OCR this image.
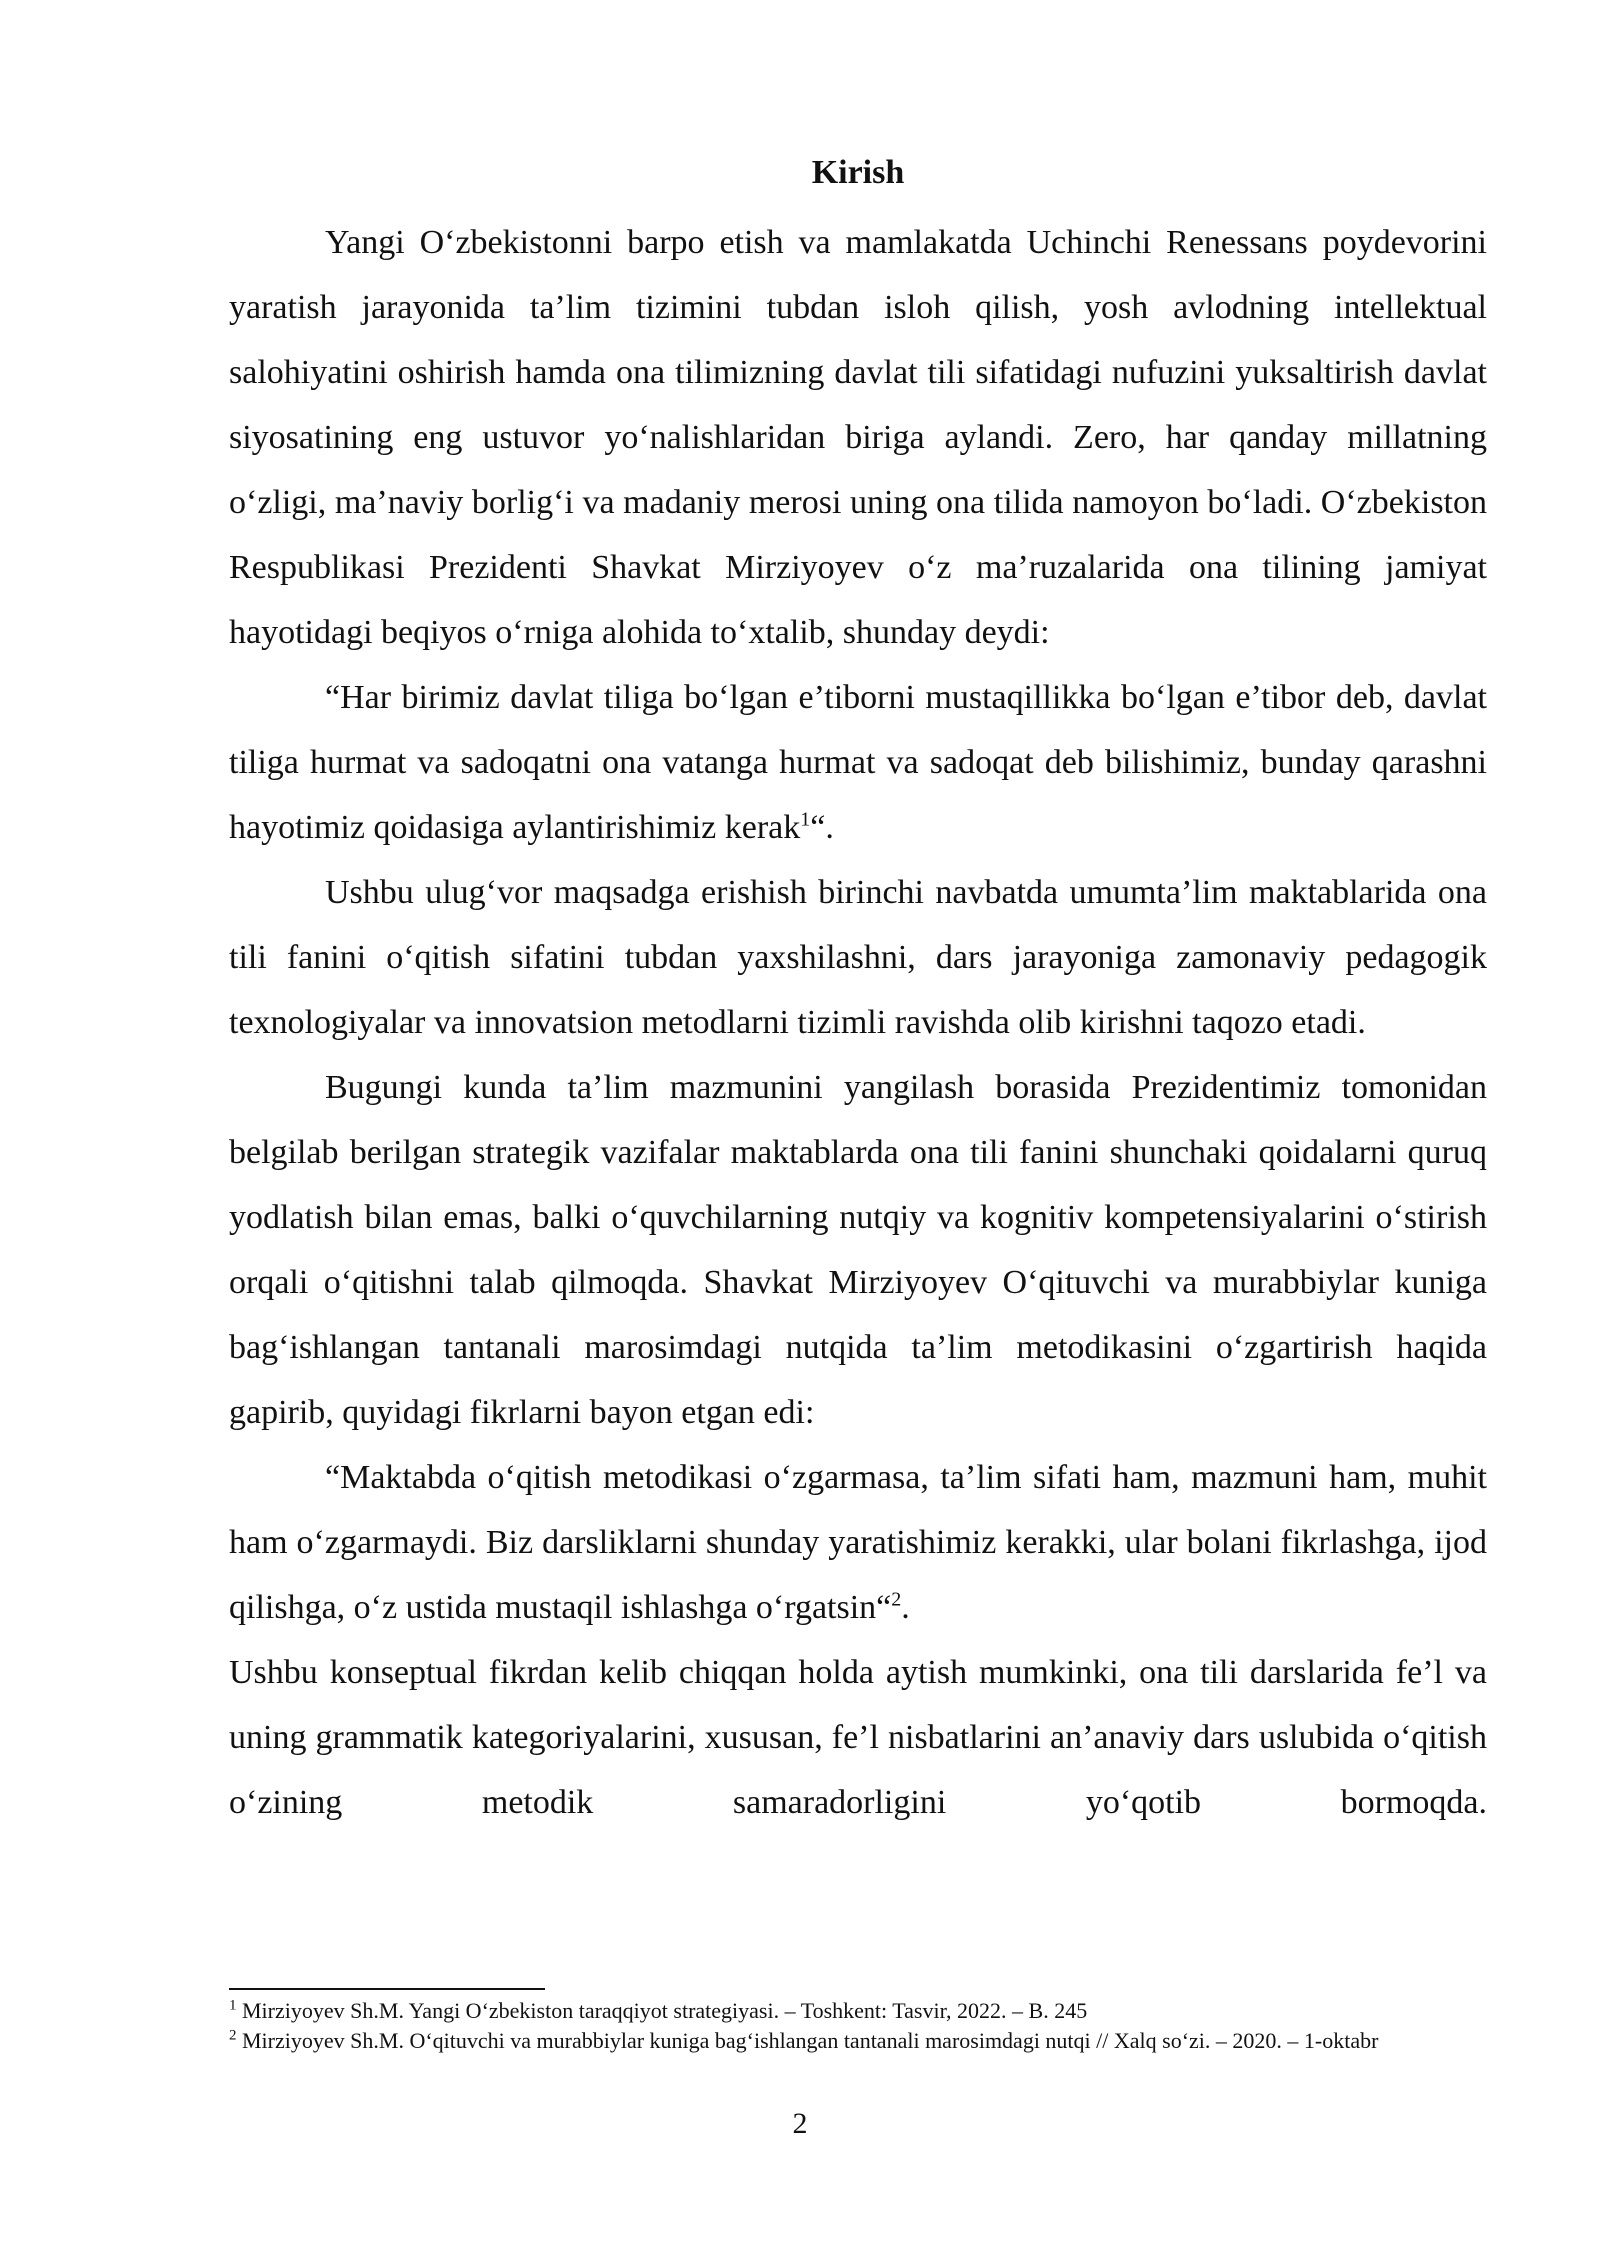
Kirish

Yangi O‘zbekistonni barpo etish va mamlakatda Uchinchi Renessans poydevorini yaratish jarayonida ta’lim tizimini tubdan isloh qilish, yosh avlodning intellektual salohiyatini oshirish hamda ona tilimizning davlat tili sifatidagi nufuzini yuksaltirish davlat siyosatining eng ustuvor yo‘nalishlaridan biriga aylandi. Zero, har qanday millatning o‘zligi, ma’naviy borlig‘i va madaniy merosi uning ona tilida namoyon bo‘ladi. O‘zbekiston Respublikasi Prezidenti Shavkat Mirziyoyev o‘z ma’ruzalarida ona tilining jamiyat hayotidagi beqiyos o‘rniga alohida to‘xtalib, shunday deydi:

“Har birimiz davlat tiliga bo‘lgan e’tiborni mustaqillikka bo‘lgan e’tibor deb, davlat tiliga hurmat va sadoqatni ona vatanga hurmat va sadoqat deb bilishimiz, bunday qarashni hayotimiz qoidasiga aylantirishimiz kerak$^1$“.

Ushbu ulug‘vor maqsadga erishish birinchi navbatda umumta’lim maktablarida ona tili fanini o‘qitish sifatini tubdan yaxshilashni, dars jarayoniga zamonaviy pedagogik texnologiyalar va innovatsion metodlarni tizimli ravishda olib kirishni taqozo etadi.

Bugungi kunda ta’lim mazmunini yangilash borasida Prezidentimiz tomonidan belgilab berilgan strategik vazifalar maktablarda ona tili fanini shunchaki qoidalarni quruq yodlatish bilan emas, balki o‘quvchilarning nutqiy va kognitiv kompetensiyalarini o‘stirish orqali o‘qitishni talab qilmoqda. Shavkat Mirziyoyev O‘qituvchi va murabbiylar kuniga bag‘ishlangan tantanali marosimdagi nutqida ta’lim metodikasini o‘zgartirish haqida gapirib, quyidagi fikrlarni bayon etgan edi:

“Maktabda o‘qitish metodikasi o‘zgarmasa, ta’lim sifati ham, mazmuni ham, muhit ham o‘zgarmaydi. Biz darsliklarni shunday yaratishimiz kerakki, ular bolani fikrlashga, ijod qilishga, o‘z ustida mustaqil ishlashga o‘rgatsin“$^2$.

Ushbu konseptual fikrdan kelib chiqqan holda aytish mumkinki, ona tili darslarida fe’l va uning grammatik kategoriyalarini, xususan, fe’l nisbatlarini an’anaviy dars uslubida o‘qitish o‘zining metodik samaradorligini yo‘qotib bormoqda.

$^1$ Mirziyoyev Sh.M. Yangi O‘zbekiston taraqqiyot strategiyasi. – Toshkent: Tasvir, 2022. – B. 245

$^2$ Mirziyoyev Sh.M. O‘qituvchi va murabbiylar kuniga bag‘ishlangan tantanali marosimdagi nutqi // Xalq so‘zi. – 2020. – 1-oktabr

2
